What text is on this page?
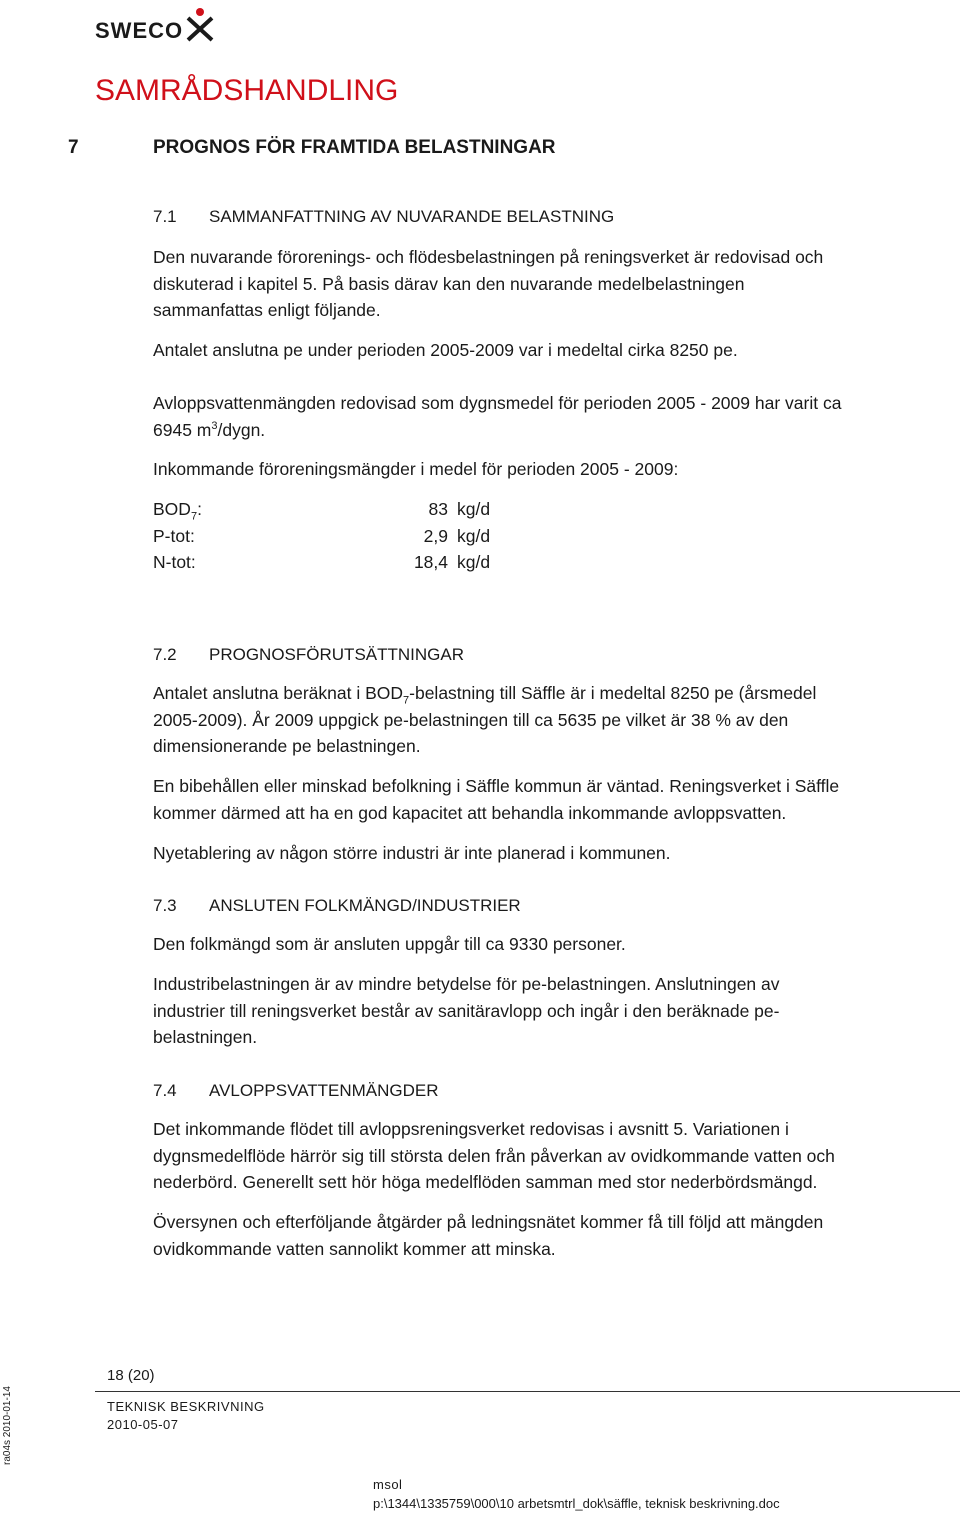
SWECO
SAMRÅDSHANDLING
7	PROGNOS FÖR FRAMTIDA BELASTNINGAR
7.1 SAMMANFATTNING AV NUVARANDE BELASTNING
Den nuvarande förorenings- och flödesbelastningen på reningsverket är redovisad och
diskuterad i kapitel 5. På basis därav kan den nuvarande medelbelastningen
sammanfattas enligt följande.
Antalet anslutna pe under perioden 2005-2009 var i medeltal cirka 8250 pe.
Avloppsvattenmängden redovisad som dygnsmedel för perioden 2005 - 2009 har varit ca
6945 $m^3$/dygn.
Inkommande föroreningsmängder i medel för perioden 2005 - 2009:
$BOD_7$:	83 kg/d
P-tot:	2,9 kg/d
N-tot:	18,4 kg/d
7.2 PROGNOSFÖRUTSÄTTNINGAR
Antalet anslutna beräknat i $BOD_7$-belastning till Säffle är i medeltal 8250 pe (årsmedel
2005-2009). År 2009 uppgick pe-belastningen till ca 5635 pe vilket är 38 % av den
dimensionerande pe belastningen.
En bibehållen eller minskad befolkning i Säffle kommun är väntad. Reningsverket i Säffle
kommer därmed att ha en god kapacitet att behandla inkommande avloppsvatten.
Nyetablering av någon större industri är inte planerad i kommunen.
7.3 ANSLUTEN FOLKMÄNGD/INDUSTRIER
Den folkmängd som är ansluten uppgår till ca 9330 personer.
Industribelastningen är av mindre betydelse för pe-belastningen. Anslutningen av
industrier till reningsverket består av sanitäravlopp och ingår i den beräknade pe-
belastningen.
7.4 AVLOPPSVATTENMÄNGDER
Det inkommande flödet till avloppsreningsverket redovisas i avsnitt 5. Variationen i
dygnsmedelflöde härrör sig till största delen från påverkan av ovidkommande vatten och
nederbörd. Generellt sett hör höga medelflöden samman med stor nederbördsmängd.
Översynen och efterföljande åtgärder på ledningsnätet kommer få till följd att mängden
ovidkommande vatten sannolikt kommer att minska.
18 (20)
TEKNISK BESKRIVNING
2010-05-07
msol
p:\1344\1335759\000\10 arbetsmtrl_dok\säffle, teknisk beskrivning.doc
ra04s 2010-01-14
